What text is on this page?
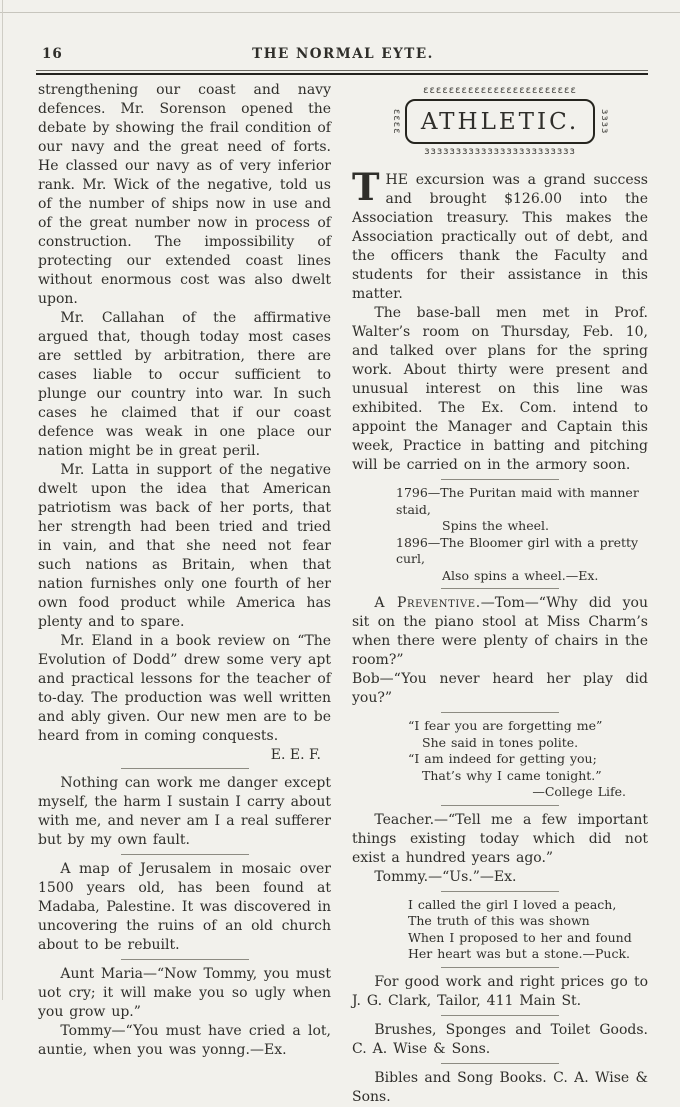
16	THE NORMAL EYTE.
strengthening our coast and navy defences. Mr. Sorenson opened the debate by showing the frail condition of our navy and the great need of forts. He classed our navy as of very inferior rank. Mr. Wick of the negative, told us of the number of ships now in use and of the great number now in process of construction. The impossibility of protecting our extended coast lines without enormous cost was also dwelt upon.
Mr. Callahan of the affirmative argued that, though today most cases are settled by arbitration, there are cases liable to occur sufficient to plunge our country into war. In such cases he claimed that if our coast defence was weak in one place our nation might be in great peril.
Mr. Latta in support of the negative dwelt upon the idea that American patriotism was back of her ports, that her strength had been tried and tried in vain, and that she need not fear such nations as Britain, when that nation furnishes only one fourth of her own food product while America has plenty and to spare.
Mr. Eland in a book review on “The Evolution of Dodd” drew some very apt and practical lessons for the teacher of to-day. The production was well written and ably given. Our new men are to be heard from in coming conquests.
E. E. F.
Nothing can work me danger except myself, the harm I sustain I carry about with me, and never am I a real sufferer but by my own fault.
A map of Jerusalem in mosaic over 1500 years old, has been found at Madaba, Palestine. It was discovered in uncovering the ruins of an old church about to be rebuilt.
Aunt Maria—“Now Tommy, you must uot cry; it will make you so ugly when you grow up.”
Tommy—“You must have cried a lot, auntie, when you was yonng.—Ex.
ɛɛɛɛɛɛɛɛɛɛɛɛɛɛɛɛɛɛɛɛɛɛɛɛ
ɛɛɛɛ ATHLETIC.	ɜɜɜɜ
ɜɜɜɜɜɜɜɜɜɜɜɜɜɜɜɜɜɜɜɜɜɜɜɜ
THE excursion was a grand success and brought $126.00 into the Association treasury. This makes the Association practically out of debt, and the officers thank the Faculty and students for their assistance in this matter.
The base-ball men met in Prof. Walter’s room on Thursday, Feb. 10, and talked over plans for the spring work. About thirty were present and unusual interest on this line was exhibited. The Ex. Com. intend to appoint the Manager and Captain this week, Practice in batting and pitching will be carried on in the armory soon.
1796—The Puritan maid with manner staid,
Spins the wheel.
1896—The Bloomer girl with a pretty curl,
Also spins a wheel.—Ex.
A Preventive.—Tom—“Why did you sit on the piano stool at Miss Charm’s when there were plenty of chairs in the room?”
Bob—“You never heard her play did you?”
“I fear you are forgetting me”
She said in tones polite.
“I am indeed for getting you;
That’s why I came tonight.”
—College Life.
Teacher.—“Tell me a few important things existing today which did not exist a hundred years ago.”
Tommy.—“Us.”—Ex.
I called the girl I loved a peach,
The truth of this was shown
When I proposed to her and found
Her heart was but a stone.—Puck.
For good work and right prices go to J. G. Clark, Tailor, 411 Main St.
Brushes, Sponges and Toilet Goods. C. A. Wise & Sons.
Bibles and Song Books. C. A. Wise & Sons.
